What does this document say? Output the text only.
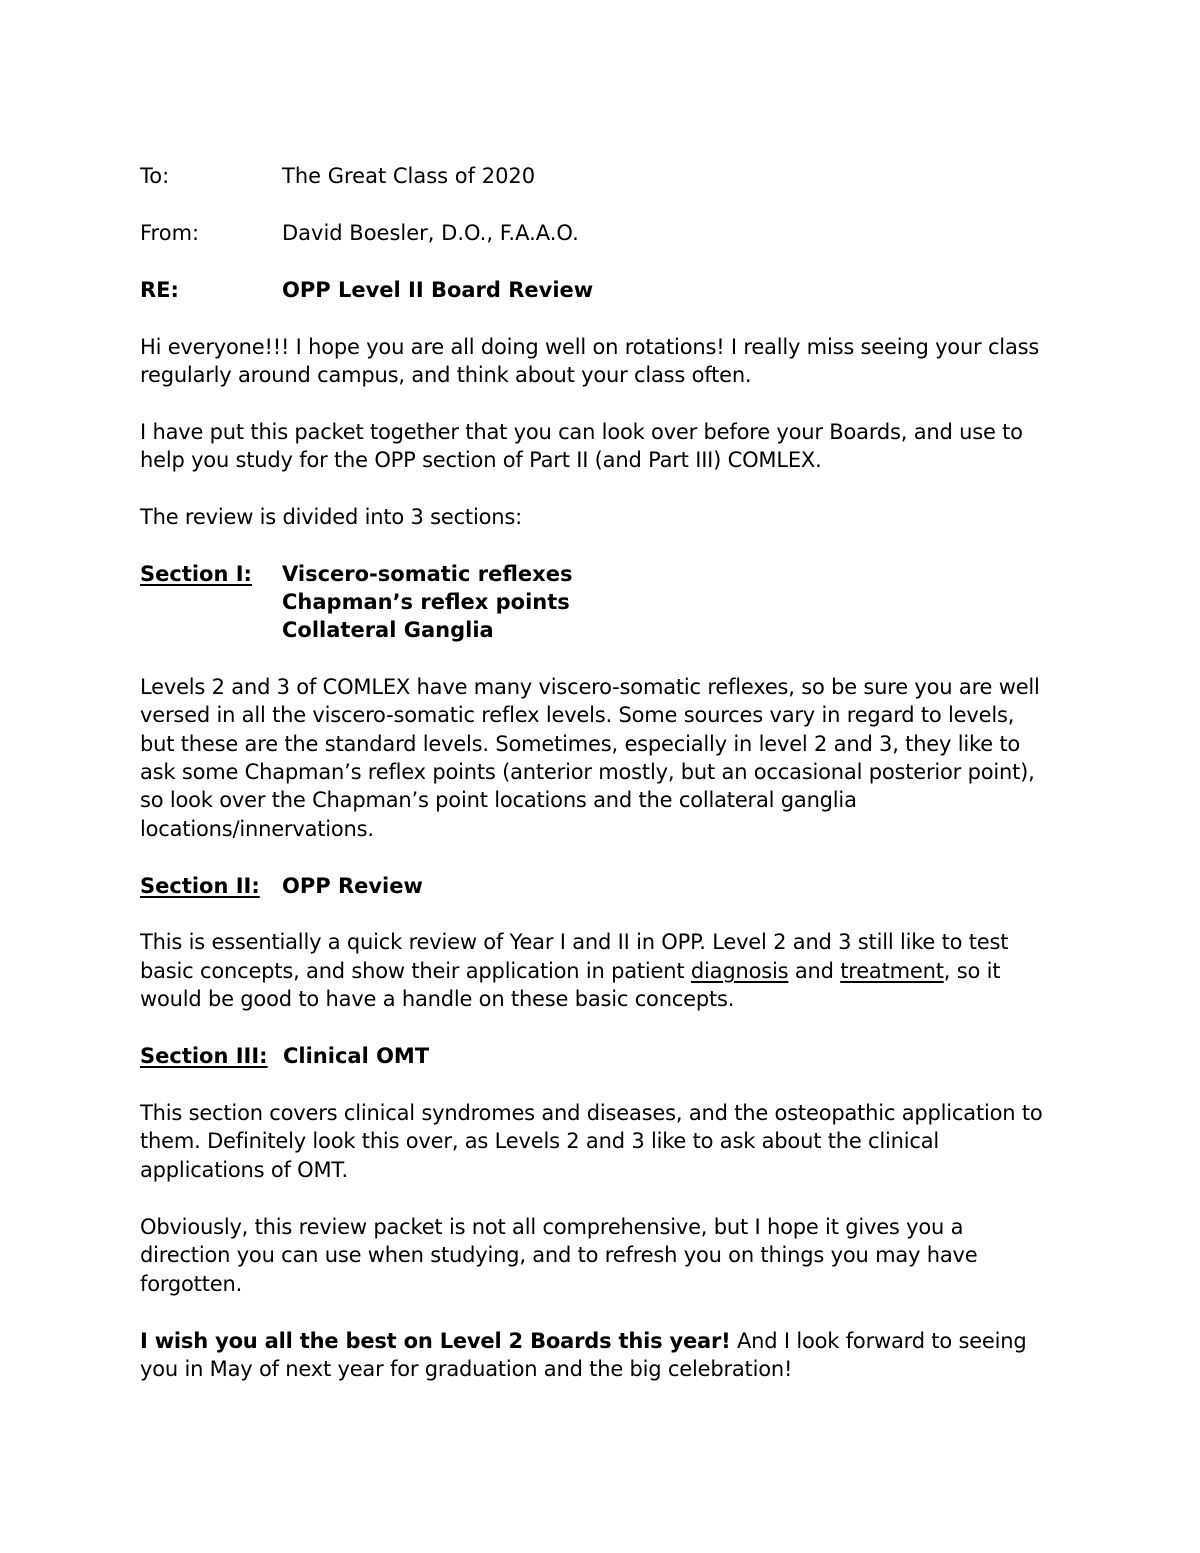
To:	The Great Class of 2020
From:	David Boesler, D.O., F.A.A.O.
RE:	OPP Level II Board Review
Hi everyone!!! I hope you are all doing well on rotations! I really miss seeing your class
regularly around campus, and think about your class often.
I have put this packet together that you can look over before your Boards, and use to
help you study for the OPP section of Part II (and Part III) COMLEX.
The review is divided into 3 sections:
Section I: Viscero-somatic reflexes
Chapman’s reflex points
Collateral Ganglia
Levels 2 and 3 of COMLEX have many viscero-somatic reflexes, so be sure you are well
versed in all the viscero-somatic reflex levels. Some sources vary in regard to levels,
but these are the standard levels. Sometimes, especially in level 2 and 3, they like to
ask some Chapman’s reflex points (anterior mostly, but an occasional posterior point),
so look over the Chapman’s point locations and the collateral ganglia
locations/innervations.
Section II: OPP Review
This is essentially a quick review of Year I and II in OPP. Level 2 and 3 still like to test
basic concepts, and show their application in patient diagnosis and treatment, so it
would be good to have a handle on these basic concepts.
Section III: Clinical OMT
This section covers clinical syndromes and diseases, and the osteopathic application to
them. Definitely look this over, as Levels 2 and 3 like to ask about the clinical
applications of OMT.
Obviously, this review packet is not all comprehensive, but I hope it gives you a
direction you can use when studying, and to refresh you on things you may have
forgotten.
I wish you all the best on Level 2 Boards this year! And I look forward to seeing
you in May of next year for graduation and the big celebration!
